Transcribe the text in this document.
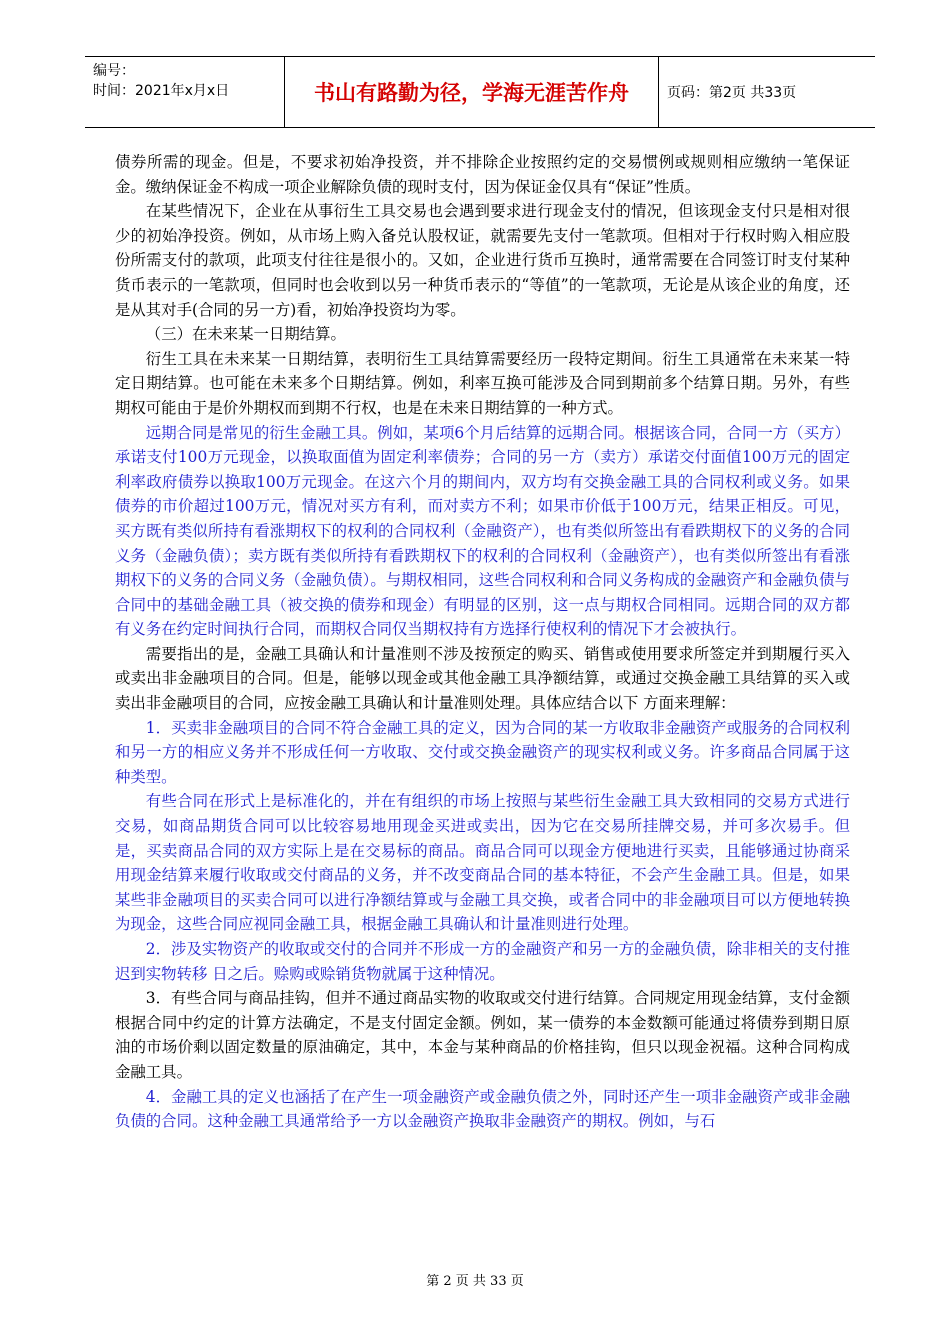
编号：
时间：2021年x月x日	书山有路勤为径，学海无涯苦作舟	页码：第2页 共33页

债券所需的现金。但是，不要求初始净投资，并不排除企业按照约定的交易惯例或规则相应缴纳一笔保证金。缴纳保证金不构成一项企业解除负债的现时支付，因为保证金仅具有“保证”性质。

在某些情况下，企业在从事衍生工具交易也会遇到要求进行现金支付的情况，但该现金支付只是相对很少的初始净投资。例如，从市场上购入备兑认股权证，就需要先支付一笔款项。但相对于行权时购入相应股份所需支付的款项，此项支付往往是很小的。又如，企业进行货币互换时，通常需要在合同签订时支付某种货币表示的一笔款项，但同时也会收到以另一种货币表示的“等值”的一笔款项，无论是从该企业的角度，还是从其对手(合同的另一方)看，初始净投资均为零。

（三）在未来某一日期结算。

衍生工具在未来某一日期结算，表明衍生工具结算需要经历一段特定期间。衍生工具通常在未来某一特定日期结算。也可能在未来多个日期结算。例如，利率互换可能涉及合同到期前多个结算日期。另外，有些期权可能由于是价外期权而到期不行权，也是在未来日期结算的一种方式。

远期合同是常见的衍生金融工具。例如，某项6个月后结算的远期合同。根据该合同，合同一方（买方）承诺支付100万元现金，以换取面值为固定利率债券；合同的另一方（卖方）承诺交付面值100万元的固定利率政府债券以换取100万元现金。在这六个月的期间内，双方均有交换金融工具的合同权利或义务。如果债券的市价超过100万元，情况对买方有利，而对卖方不利；如果市价低于100万元，结果正相反。可见，买方既有类似所持有看涨期权下的权利的合同权利（金融资产），也有类似所签出有看跌期权下的义务的合同义务（金融负债）；卖方既有类似所持有看跌期权下的权利的合同权利（金融资产），也有类似所签出有看涨期权下的义务的合同义务（金融负债）。与期权相同，这些合同权利和合同义务构成的金融资产和金融负债与合同中的基础金融工具（被交换的债券和现金）有明显的区别，这一点与期权合同相同。远期合同的双方都有义务在约定时间执行合同，而期权合同仅当期权持有方选择行使权利的情况下才会被执行。

需要指出的是，金融工具确认和计量准则不涉及按预定的购买、销售或使用要求所签定并到期履行买入或卖出非金融项目的合同。但是，能够以现金或其他金融工具净额结算，或通过交换金融工具结算的买入或卖出非金融项目的合同，应按金融工具确认和计量准则处理。具体应结合以下 方面来理解：

1．买卖非金融项目的合同不符合金融工具的定义，因为合同的某一方收取非金融资产或服务的合同权利和另一方的相应义务并不形成任何一方收取、交付或交换金融资产的现实权利或义务。许多商品合同属于这种类型。

有些合同在形式上是标准化的，并在有组织的市场上按照与某些衍生金融工具大致相同的交易方式进行交易，如商品期货合同可以比较容易地用现金买进或卖出，因为它在交易所挂牌交易，并可多次易手。但是，买卖商品合同的双方实际上是在交易标的商品。商品合同可以现金方便地进行买卖，且能够通过协商采用现金结算来履行收取或交付商品的义务，并不改变商品合同的基本特征，不会产生金融工具。但是，如果某些非金融项目的买卖合同可以进行净额结算或与金融工具交换，或者合同中的非金融项目可以方便地转换为现金，这些合同应视同金融工具，根据金融工具确认和计量准则进行处理。

2．涉及实物资产的收取或交付的合同并不形成一方的金融资产和另一方的金融负债，除非相关的支付推迟到实物转移 日之后。赊购或赊销货物就属于这种情况。

3．有些合同与商品挂钩，但并不通过商品实物的收取或交付进行结算。合同规定用现金结算，支付金额根据合同中约定的计算方法确定，不是支付固定金额。例如，某一债券的本金数额可能通过将债券到期日原油的市场价剩以固定数量的原油确定，其中，本金与某种商品的价格挂钩，但只以现金祝福。这种合同构成金融工具。

4．金融工具的定义也涵括了在产生一项金融资产或金融负债之外，同时还产生一项非金融资产或非金融负债的合同。这种金融工具通常给予一方以金融资产换取非金融资产的期权。例如，与石

第 2 页 共 33 页
